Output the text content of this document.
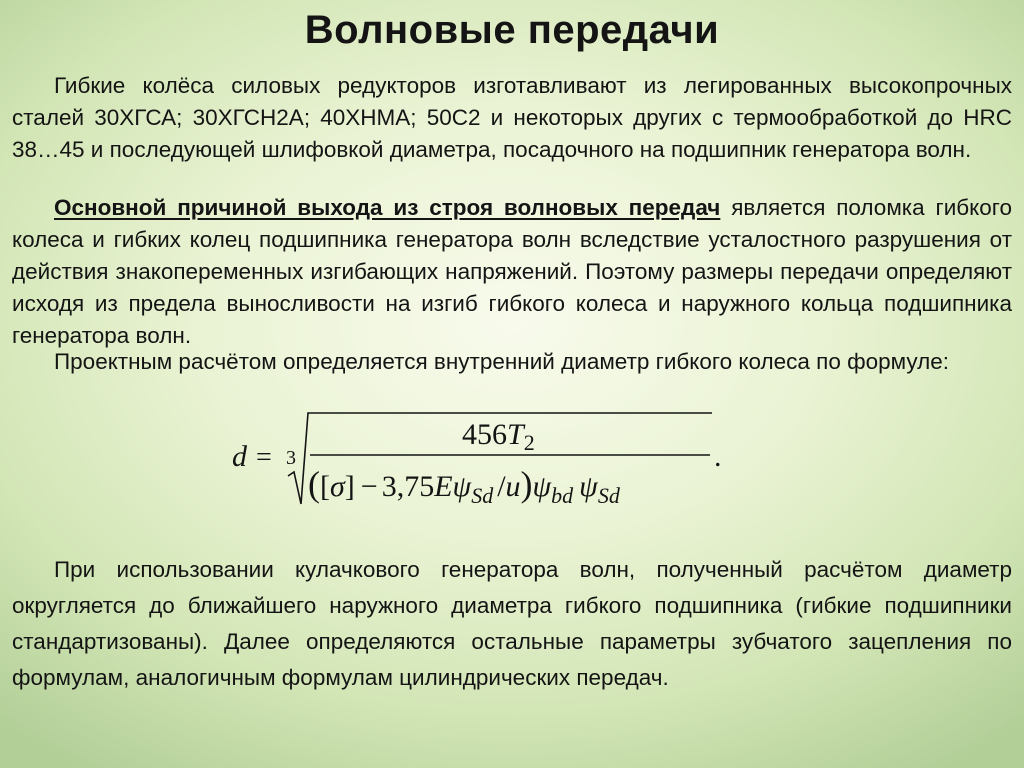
Волновые передачи
Гибкие колёса силовых редукторов изготавливают из легированных высокопрочных сталей 30ХГСА; 30ХГСН2А; 40ХНМА; 50С2 и некоторых других с термообработкой до HRC 38…45 и последующей шлифовкой диаметра, посадочного на подшипник генератора волн.
Основной причиной выхода из строя волновых передач является поломка гибкого колеса и гибких колец подшипника генератора волн вследствие усталостного разрушения от действия знакопеременных изгибающих напряжений. Поэтому размеры передачи определяют исходя из предела выносливости на изгиб гибкого колеса и наружного кольца подшипника генератора волн.
Проектным расчётом определяется внутренний диаметр гибкого колеса по формуле:
d = 3
$456T_2$
($[\sigma] - 3,75E\psi_{Sd}$ $/u)\psi_{bd}$ $\psi_{Sd}$
.
При использовании кулачкового генератора волн, полученный расчётом диаметр округляется до ближайшего наружного диаметра гибкого подшипника (гибкие подшипники стандартизованы). Далее определяются остальные параметры зубчатого зацепления по формулам, аналогичным формулам цилиндрических передач.
